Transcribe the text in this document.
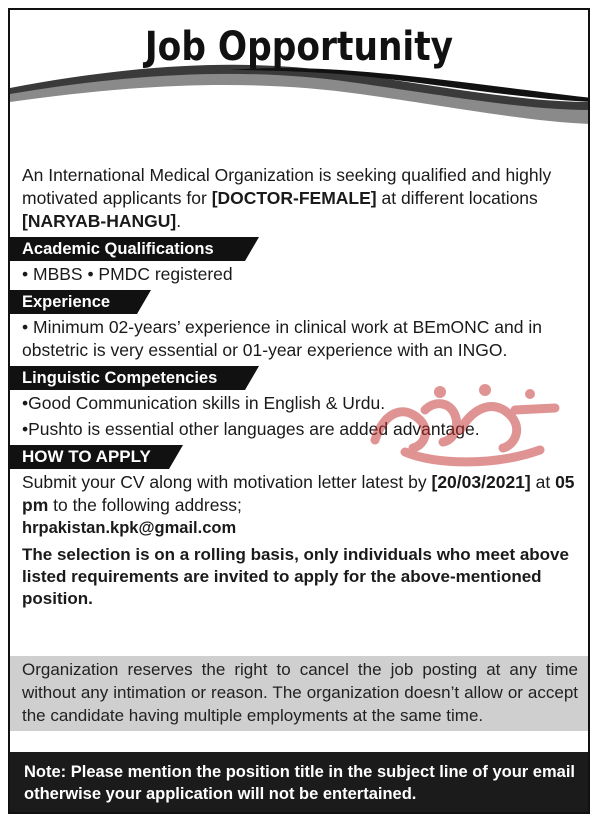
Job Opportunity

An International Medical Organization is seeking qualified and highly motivated applicants for [DOCTOR-FEMALE] at different locations [NARYAB-HANGU].

Academic Qualifications

• MBBS • PMDC registered

Experience

• Minimum 02-years’ experience in clinical work at BEmONC and in obstetric is very essential or 01-year experience with an INGO.

Linguistic Competencies

•Good Communication skills in English & Urdu.

•Pushto is essential other languages are added advantage.

HOW TO APPLY

Submit your CV along with motivation letter latest by [20/03/2021] at 05 pm to the following address;

hrpakistan.kpk@gmail.com

The selection is on a rolling basis, only individuals who meet above listed requirements are invited to apply for the above-mentioned position.

Organization reserves the right to cancel the job posting at any time without any intimation or reason. The organization doesn’t allow or accept the candidate having multiple employments at the same time.
Note: Please mention the position title in the subject line of your email otherwise your application will not be entertained.
